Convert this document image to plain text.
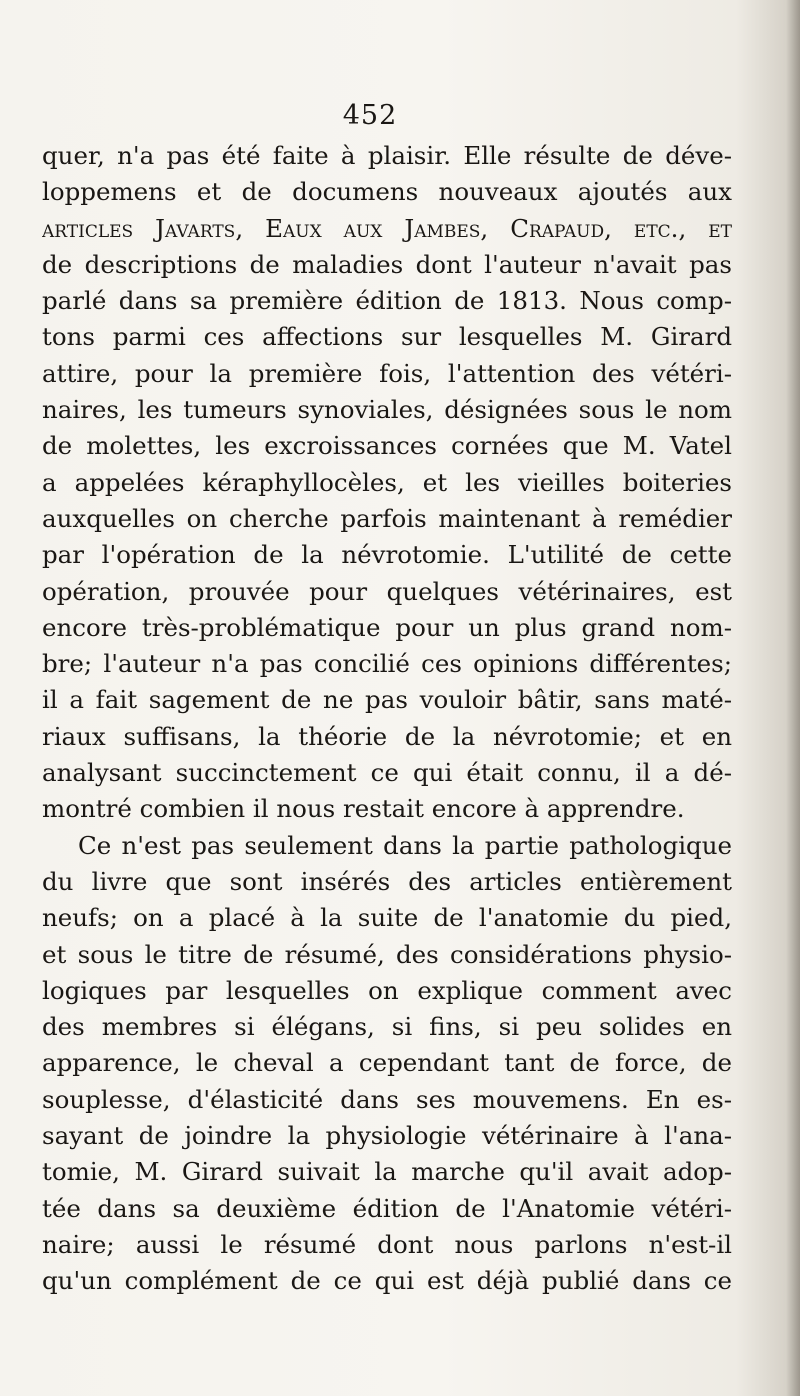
452
quer, n'a pas été faite à plaisir. Elle résulte de déve-
loppemens et de documens nouveaux ajoutés aux
articles Javarts, Eaux aux Jambes, Crapaud, etc., et
de descriptions de maladies dont l'auteur n'avait pas
parlé dans sa première édition de 1813. Nous comp-
tons parmi ces affections sur lesquelles M. Girard
attire, pour la première fois, l'attention des vétéri-
naires, les tumeurs synoviales, désignées sous le nom
de molettes, les excroissances cornées que M. Vatel
a appelées kéraphyllocèles, et les vieilles boiteries
auxquelles on cherche parfois maintenant à remédier
par l'opération de la névrotomie. L'utilité de cette
opération, prouvée pour quelques vétérinaires, est
encore très-problématique pour un plus grand nom-
bre; l'auteur n'a pas concilié ces opinions différentes;
il a fait sagement de ne pas vouloir bâtir, sans maté-
riaux suffisans, la théorie de la névrotomie; et en
analysant succinctement ce qui était connu, il a dé-
montré combien il nous restait encore à apprendre.
Ce n'est pas seulement dans la partie pathologique
du livre que sont insérés des articles entièrement
neufs; on a placé à la suite de l'anatomie du pied,
et sous le titre de résumé, des considérations physio-
logiques par lesquelles on explique comment avec
des membres si élégans, si fins, si peu solides en
apparence, le cheval a cependant tant de force, de
souplesse, d'élasticité dans ses mouvemens. En es-
sayant de joindre la physiologie vétérinaire à l'ana-
tomie, M. Girard suivait la marche qu'il avait adop-
tée dans sa deuxième édition de l'Anatomie vétéri-
naire; aussi le résumé dont nous parlons n'est-il
qu'un complément de ce qui est déjà publié dans ce
